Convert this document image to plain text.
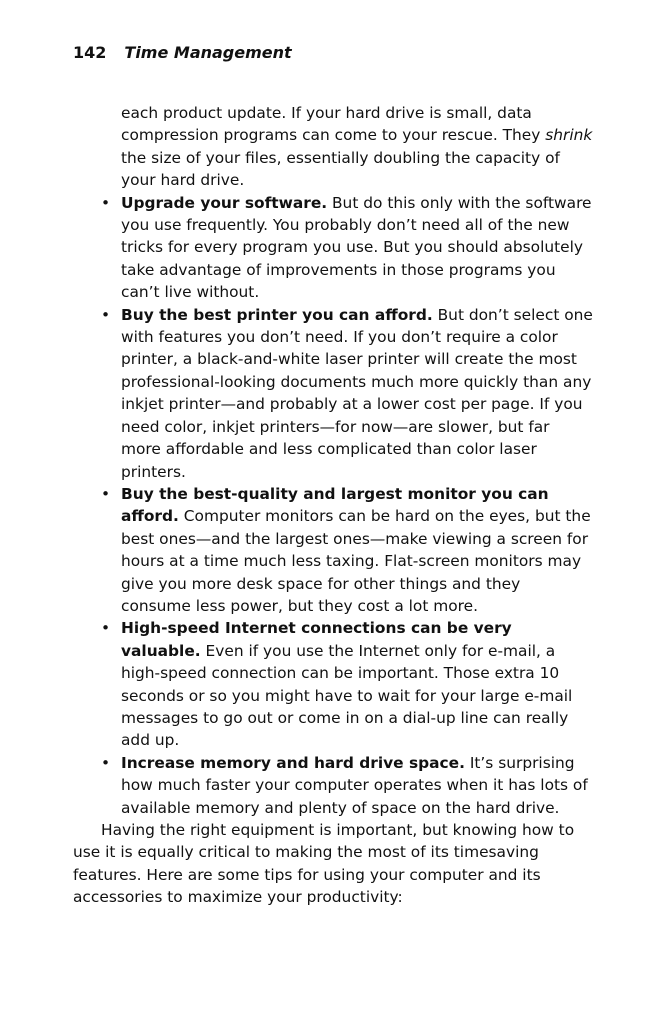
142 Time Management

each product update. If your hard drive is small, data compression programs can come to your rescue. They shrink the size of your files, essentially doubling the capacity of your hard drive.

• Upgrade your software. But do this only with the software you use frequently. You probably don’t need all of the new tricks for every program you use. But you should absolutely take advantage of improvements in those programs you can’t live without.
• Buy the best printer you can afford. But don’t select one with features you don’t need. If you don’t require a color printer, a black-and-white laser printer will create the most professional-looking documents much more quickly than any inkjet printer—and probably at a lower cost per page. If you need color, inkjet printers—for now—are slower, but far more affordable and less complicated than color laser printers.
• Buy the best-quality and largest monitor you can afford. Computer monitors can be hard on the eyes, but the best ones—and the largest ones—make viewing a screen for hours at a time much less taxing. Flat-screen monitors may give you more desk space for other things and they consume less power, but they cost a lot more.
• High-speed Internet connections can be very valuable. Even if you use the Internet only for e-mail, a high-speed connection can be important. Those extra 10 seconds or so you might have to wait for your large e-mail messages to go out or come in on a dial-up line can really add up.
• Increase memory and hard drive space. It’s surprising how much faster your computer operates when it has lots of available memory and plenty of space on the hard drive.

Having the right equipment is important, but knowing how to use it is equally critical to making the most of its timesaving features. Here are some tips for using your computer and its accessories to maximize your productivity:
